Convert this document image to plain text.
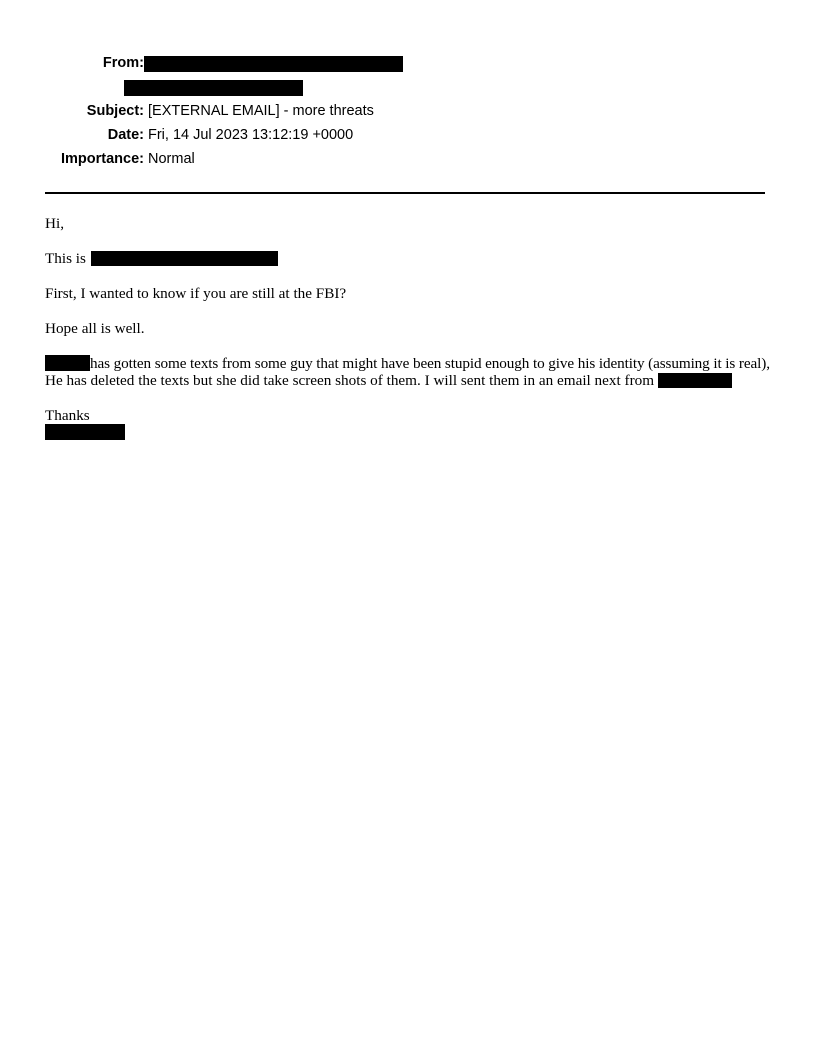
From:
Subject: [EXTERNAL EMAIL] - more threats
Date: Fri, 14 Jul 2023 13:12:19 +0000
Importance: Normal
Hi,
This is
First, I wanted to know if you are still at the FBI?
Hope all is well.
has gotten some texts from some guy that might have been stupid enough to give his identity (assuming it is real),
He has deleted the texts but she did take screen shots of them. I will sent them in an email next from
Thanks
